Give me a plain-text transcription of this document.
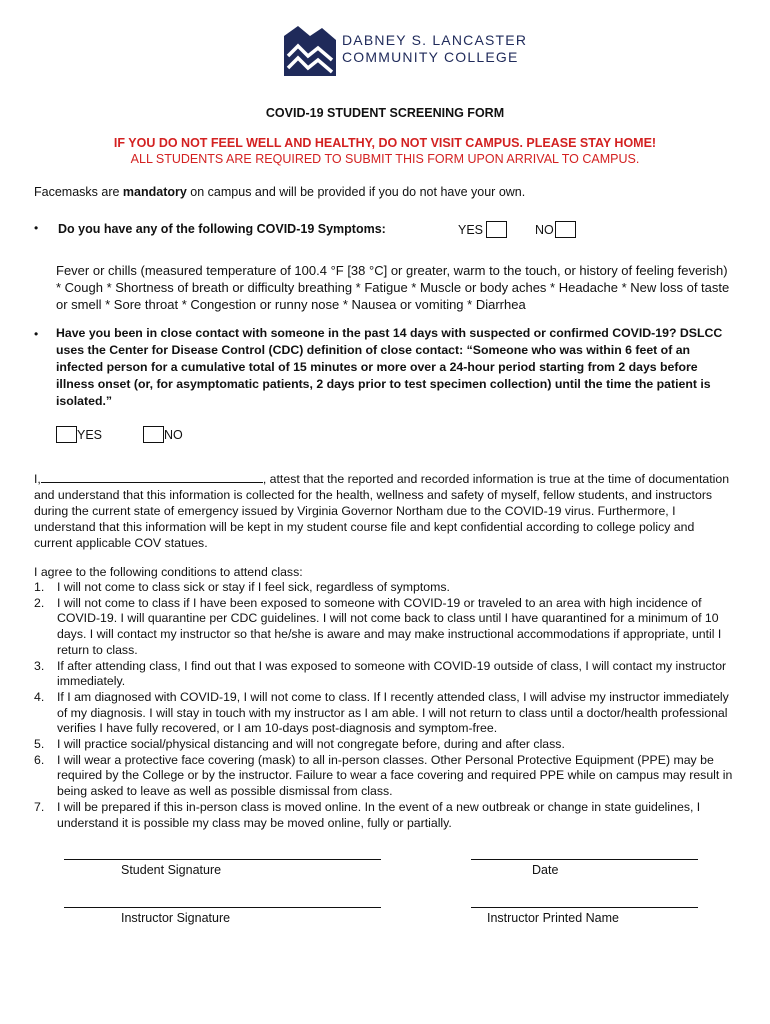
DABNEY S. LANCASTER
COMMUNITY COLLEGE
COVID-19 STUDENT SCREENING FORM
IF YOU DO NOT FEEL WELL AND HEALTHY, DO NOT VISIT CAMPUS. PLEASE STAY HOME!
ALL STUDENTS ARE REQUIRED TO SUBMIT THIS FORM UPON ARRIVAL TO CAMPUS.
Facemasks are mandatory on campus and will be provided if you do not have your own.
• Do you have any of the following COVID-19 Symptoms:	YES	NO
Fever or chills (measured temperature of 100.4 °F [38 °C] or greater, warm to the touch, or history of feeling feverish) * Cough * Shortness of breath or difficulty breathing * Fatigue * Muscle or body aches * Headache * New loss of taste or smell * Sore throat * Congestion or runny nose * Nausea or vomiting * Diarrhea
• Have you been in close contact with someone in the past 14 days with suspected or confirmed COVID-19? DSLCC uses the Center for Disease Control (CDC) definition of close contact: “Someone who was within 6 feet of an infected person for a cumulative total of 15 minutes or more over a 24-hour period starting from 2 days before illness onset (or, for asymptomatic patients, 2 days prior to test specimen collection) until the time the patient is isolated.”
YES	NO
I,	, attest that the reported and recorded information is true at the time of documentation and understand that this information is collected for the health, wellness and safety of myself, fellow students, and instructors during the current state of emergency issued by Virginia Governor Northam due to the COVID-19 virus. Furthermore, I understand that this information will be kept in my student course file and kept confidential according to college policy and current applicable COV statues.
I agree to the following conditions to attend class:
1. I will not come to class sick or stay if I feel sick, regardless of symptoms.
2. I will not come to class if I have been exposed to someone with COVID-19 or traveled to an area with high incidence of COVID-19. I will quarantine per CDC guidelines. I will not come back to class until I have quarantined for a minimum of 10 days. I will contact my instructor so that he/she is aware and may make instructional accommodations if appropriate, until I return to class.
3. If after attending class, I find out that I was exposed to someone with COVID-19 outside of class, I will contact my instructor immediately.
4. If I am diagnosed with COVID-19, I will not come to class. If I recently attended class, I will advise my instructor immediately of my diagnosis. I will stay in touch with my instructor as I am able. I will not return to class until a doctor/health professional verifies I have fully recovered, or I am 10-days post-diagnosis and symptom-free.
5. I will practice social/physical distancing and will not congregate before, during and after class.
6. I will wear a protective face covering (mask) to all in-person classes. Other Personal Protective Equipment (PPE) may be required by the College or by the instructor. Failure to wear a face covering and required PPE while on campus may result in being asked to leave as well as possible dismissal from class.
7. I will be prepared if this in-person class is moved online. In the event of a new outbreak or change in state guidelines, I understand it is possible my class may be moved online, fully or partially.
Student Signature	Date
Instructor Signature	Instructor Printed Name
